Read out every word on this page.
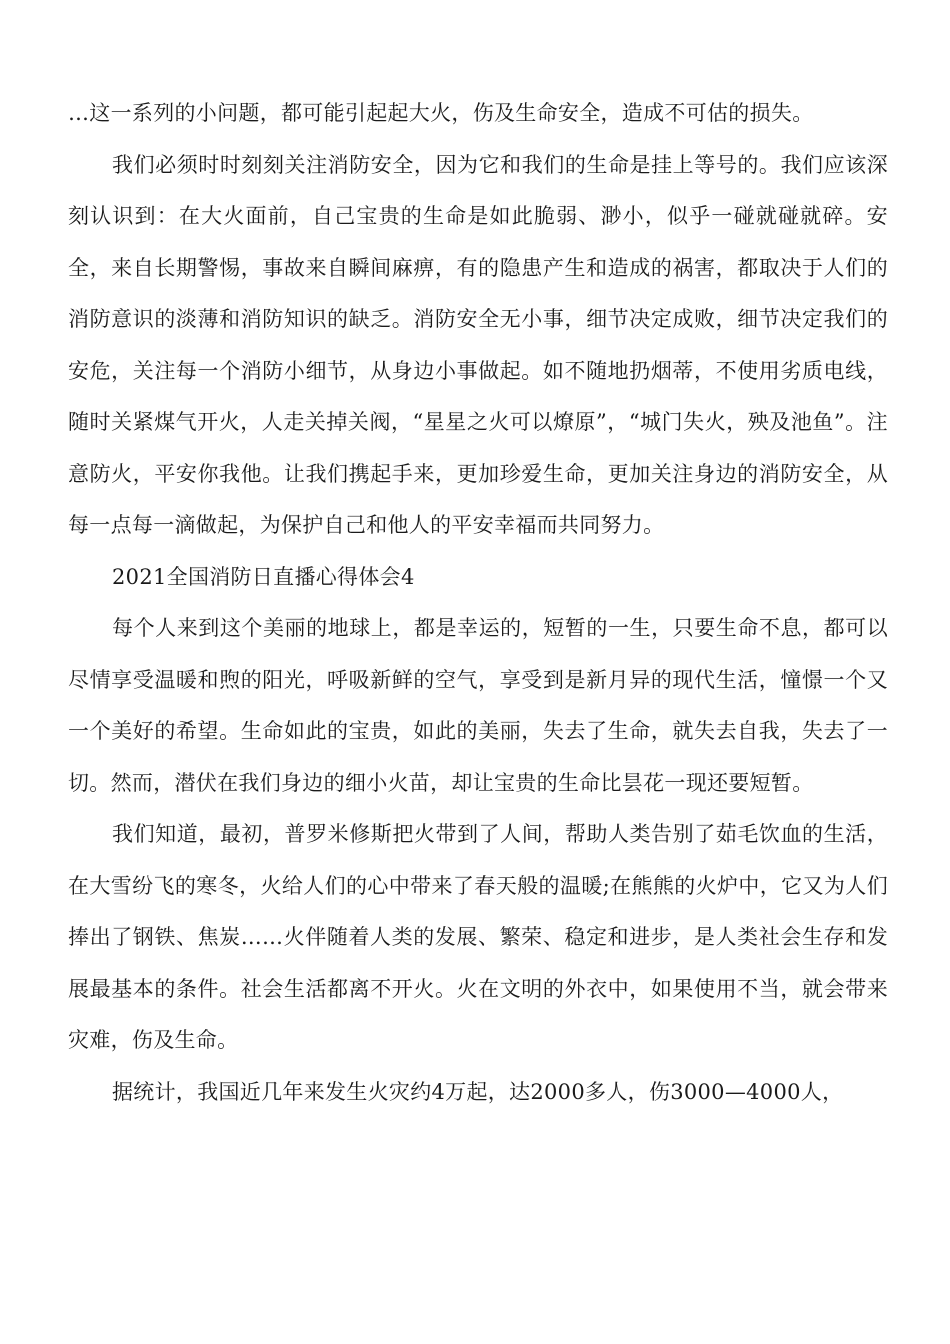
…这一系列的小问题，都可能引起起大火，伤及生命安全，造成不可估的损失。

我们必须时时刻刻关注消防安全，因为它和我们的生命是挂上等号的。我们应该深刻认识到：在大火面前，自己宝贵的生命是如此脆弱、渺小，似乎一碰就碰就碎。安全，来自长期警惕，事故来自瞬间麻痹，有的隐患产生和造成的祸害，都取决于人们的消防意识的淡薄和消防知识的缺乏。消防安全无小事，细节决定成败，细节决定我们的安危，关注每一个消防小细节，从身边小事做起。如不随地扔烟蒂，不使用劣质电线，随时关紧煤气开火，人走关掉关阀，“星星之火可以燎原”，“城门失火，殃及池鱼”。注意防火，平安你我他。让我们携起手来，更加珍爱生命，更加关注身边的消防安全，从每一点每一滴做起，为保护自己和他人的平安幸福而共同努力。

2021全国消防日直播心得体会4

每个人来到这个美丽的地球上，都是幸运的，短暂的一生，只要生命不息，都可以尽情享受温暖和煦的阳光，呼吸新鲜的空气，享受到是新月异的现代生活，憧憬一个又一个美好的希望。生命如此的宝贵，如此的美丽，失去了生命，就失去自我，失去了一切。然而，潜伏在我们身边的细小火苗，却让宝贵的生命比昙花一现还要短暂。

我们知道，最初，普罗米修斯把火带到了人间，帮助人类告别了茹毛饮血的生活，在大雪纷飞的寒冬，火给人们的心中带来了春天般的温暖;在熊熊的火炉中，它又为人们捧出了钢铁、焦炭……火伴随着人类的发展、繁荣、稳定和进步，是人类社会生存和发展最基本的条件。社会生活都离不开火。火在文明的外衣中，如果使用不当，就会带来灾难，伤及生命。

据统计，我国近几年来发生火灾约4万起，达2000多人，伤3000—4000人，
